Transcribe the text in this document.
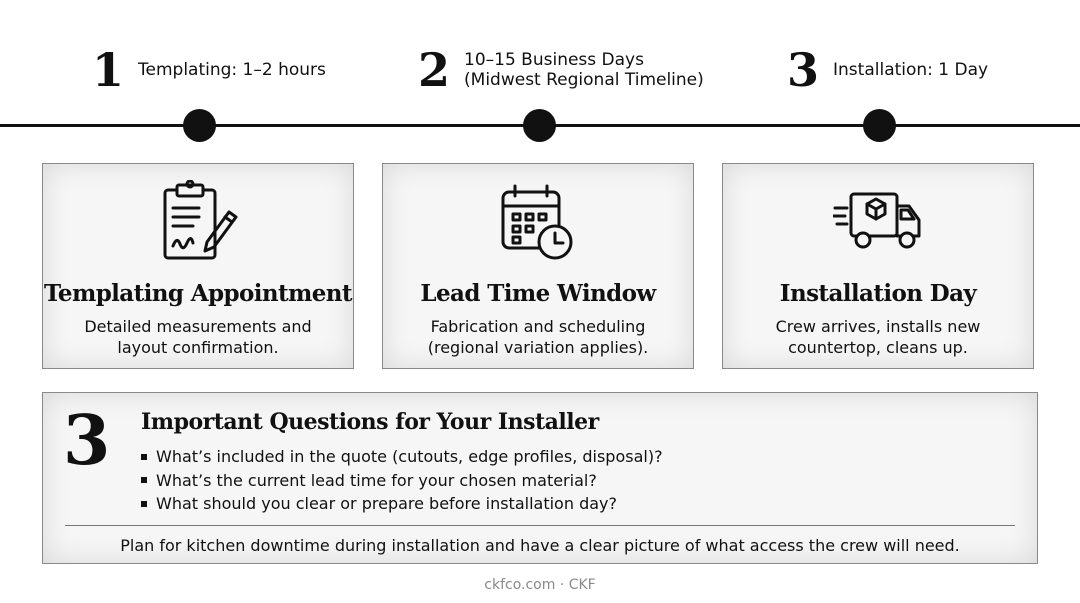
1 Templating: 1–2 hours 2 10–15 Business Days
(Midwest Regional Timeline) 3 Installation: 1 Day
Templating Appointment
Detailed measurements and
layout confirmation.
Lead Time Window
Fabrication and scheduling
(regional variation applies).
Installation Day
Crew arrives, installs new
countertop, cleans up.
3 Important Questions for Your Installer
What’s included in the quote (cutouts, edge profiles, disposal)?
What’s the current lead time for your chosen material?
What should you clear or prepare before installation day?
Plan for kitchen downtime during installation and have a clear picture of what access the crew will need.
ckfco.com · CKF
